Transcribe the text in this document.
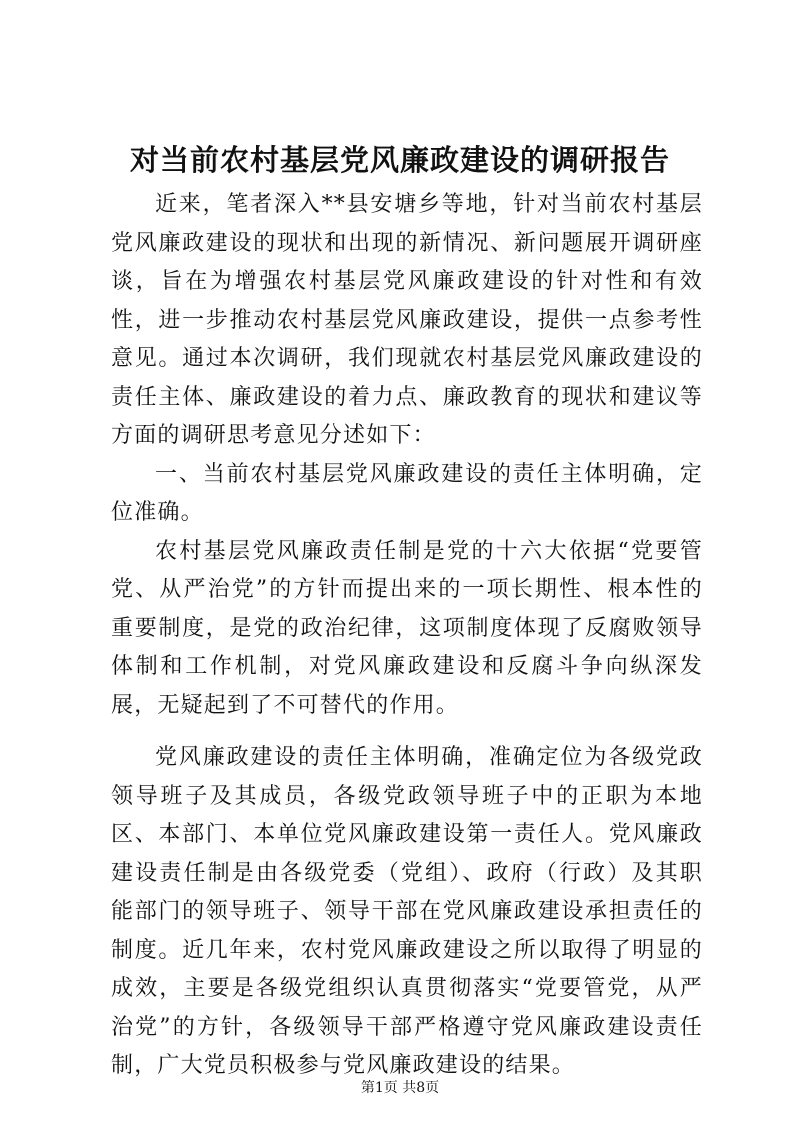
对当前农村基层党风廉政建设的调研报告

近来，笔者深入**县安塘乡等地，针对当前农村基层党风廉政建设的现状和出现的新情况、新问题展开调研座谈，旨在为增强农村基层党风廉政建设的针对性和有效性，进一步推动农村基层党风廉政建设，提供一点参考性意见。通过本次调研，我们现就农村基层党风廉政建设的责任主体、廉政建设的着力点、廉政教育的现状和建议等方面的调研思考意见分述如下：

一、当前农村基层党风廉政建设的责任主体明确，定位准确。

农村基层党风廉政责任制是党的十六大依据“党要管党、从严治党”的方针而提出来的一项长期性、根本性的重要制度，是党的政治纪律，这项制度体现了反腐败领导体制和工作机制，对党风廉政建设和反腐斗争向纵深发展，无疑起到了不可替代的作用。

党风廉政建设的责任主体明确，准确定位为各级党政领导班子及其成员，各级党政领导班子中的正职为本地区、本部门、本单位党风廉政建设第一责任人。党风廉政建设责任制是由各级党委（党组）、政府（行政）及其职能部门的领导班子、领导干部在党风廉政建设承担责任的制度。近几年来，农村党风廉政建设之所以取得了明显的成效，主要是各级党组织认真贯彻落实“党要管党，从严治党”的方针，各级领导干部严格遵守党风廉政建设责任制，广大党员积极参与党风廉政建设的结果。

第1页 共8页
